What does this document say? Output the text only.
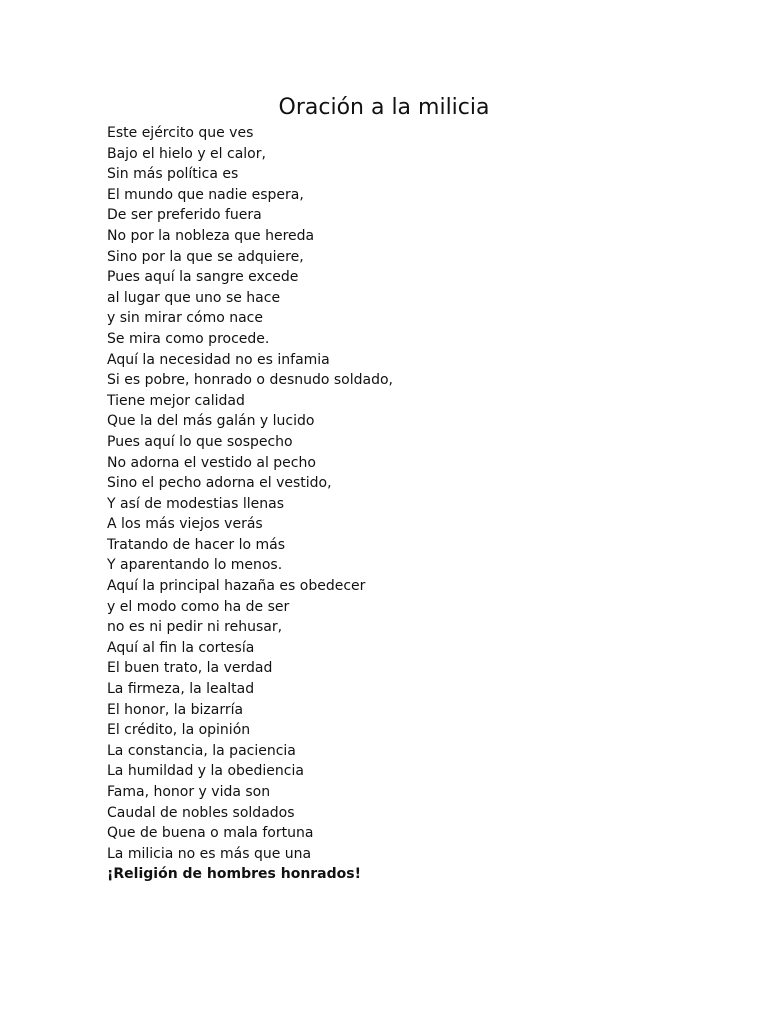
Oración a la milicia
Este ejército que ves
Bajo el hielo y el calor,
Sin más política es
El mundo que nadie espera,
De ser preferido fuera
No por la nobleza que hereda
Sino por la que se adquiere,
Pues aquí la sangre excede
al lugar que uno se hace
y sin mirar cómo nace
Se mira como procede.
Aquí la necesidad no es infamia
Si es pobre, honrado o desnudo soldado,
Tiene mejor calidad
Que la del más galán y lucido
Pues aquí lo que sospecho
No adorna el vestido al pecho
Sino el pecho adorna el vestido,
Y así de modestias llenas
A los más viejos verás
Tratando de hacer lo más
Y aparentando lo menos.
Aquí la principal hazaña es obedecer
y el modo como ha de ser
no es ni pedir ni rehusar,
Aquí al fin la cortesía
El buen trato, la verdad
La firmeza, la lealtad
El honor, la bizarría
El crédito, la opinión
La constancia, la paciencia
La humildad y la obediencia
Fama, honor y vida son
Caudal de nobles soldados
Que de buena o mala fortuna
La milicia no es más que una
¡Religión de hombres honrados!
